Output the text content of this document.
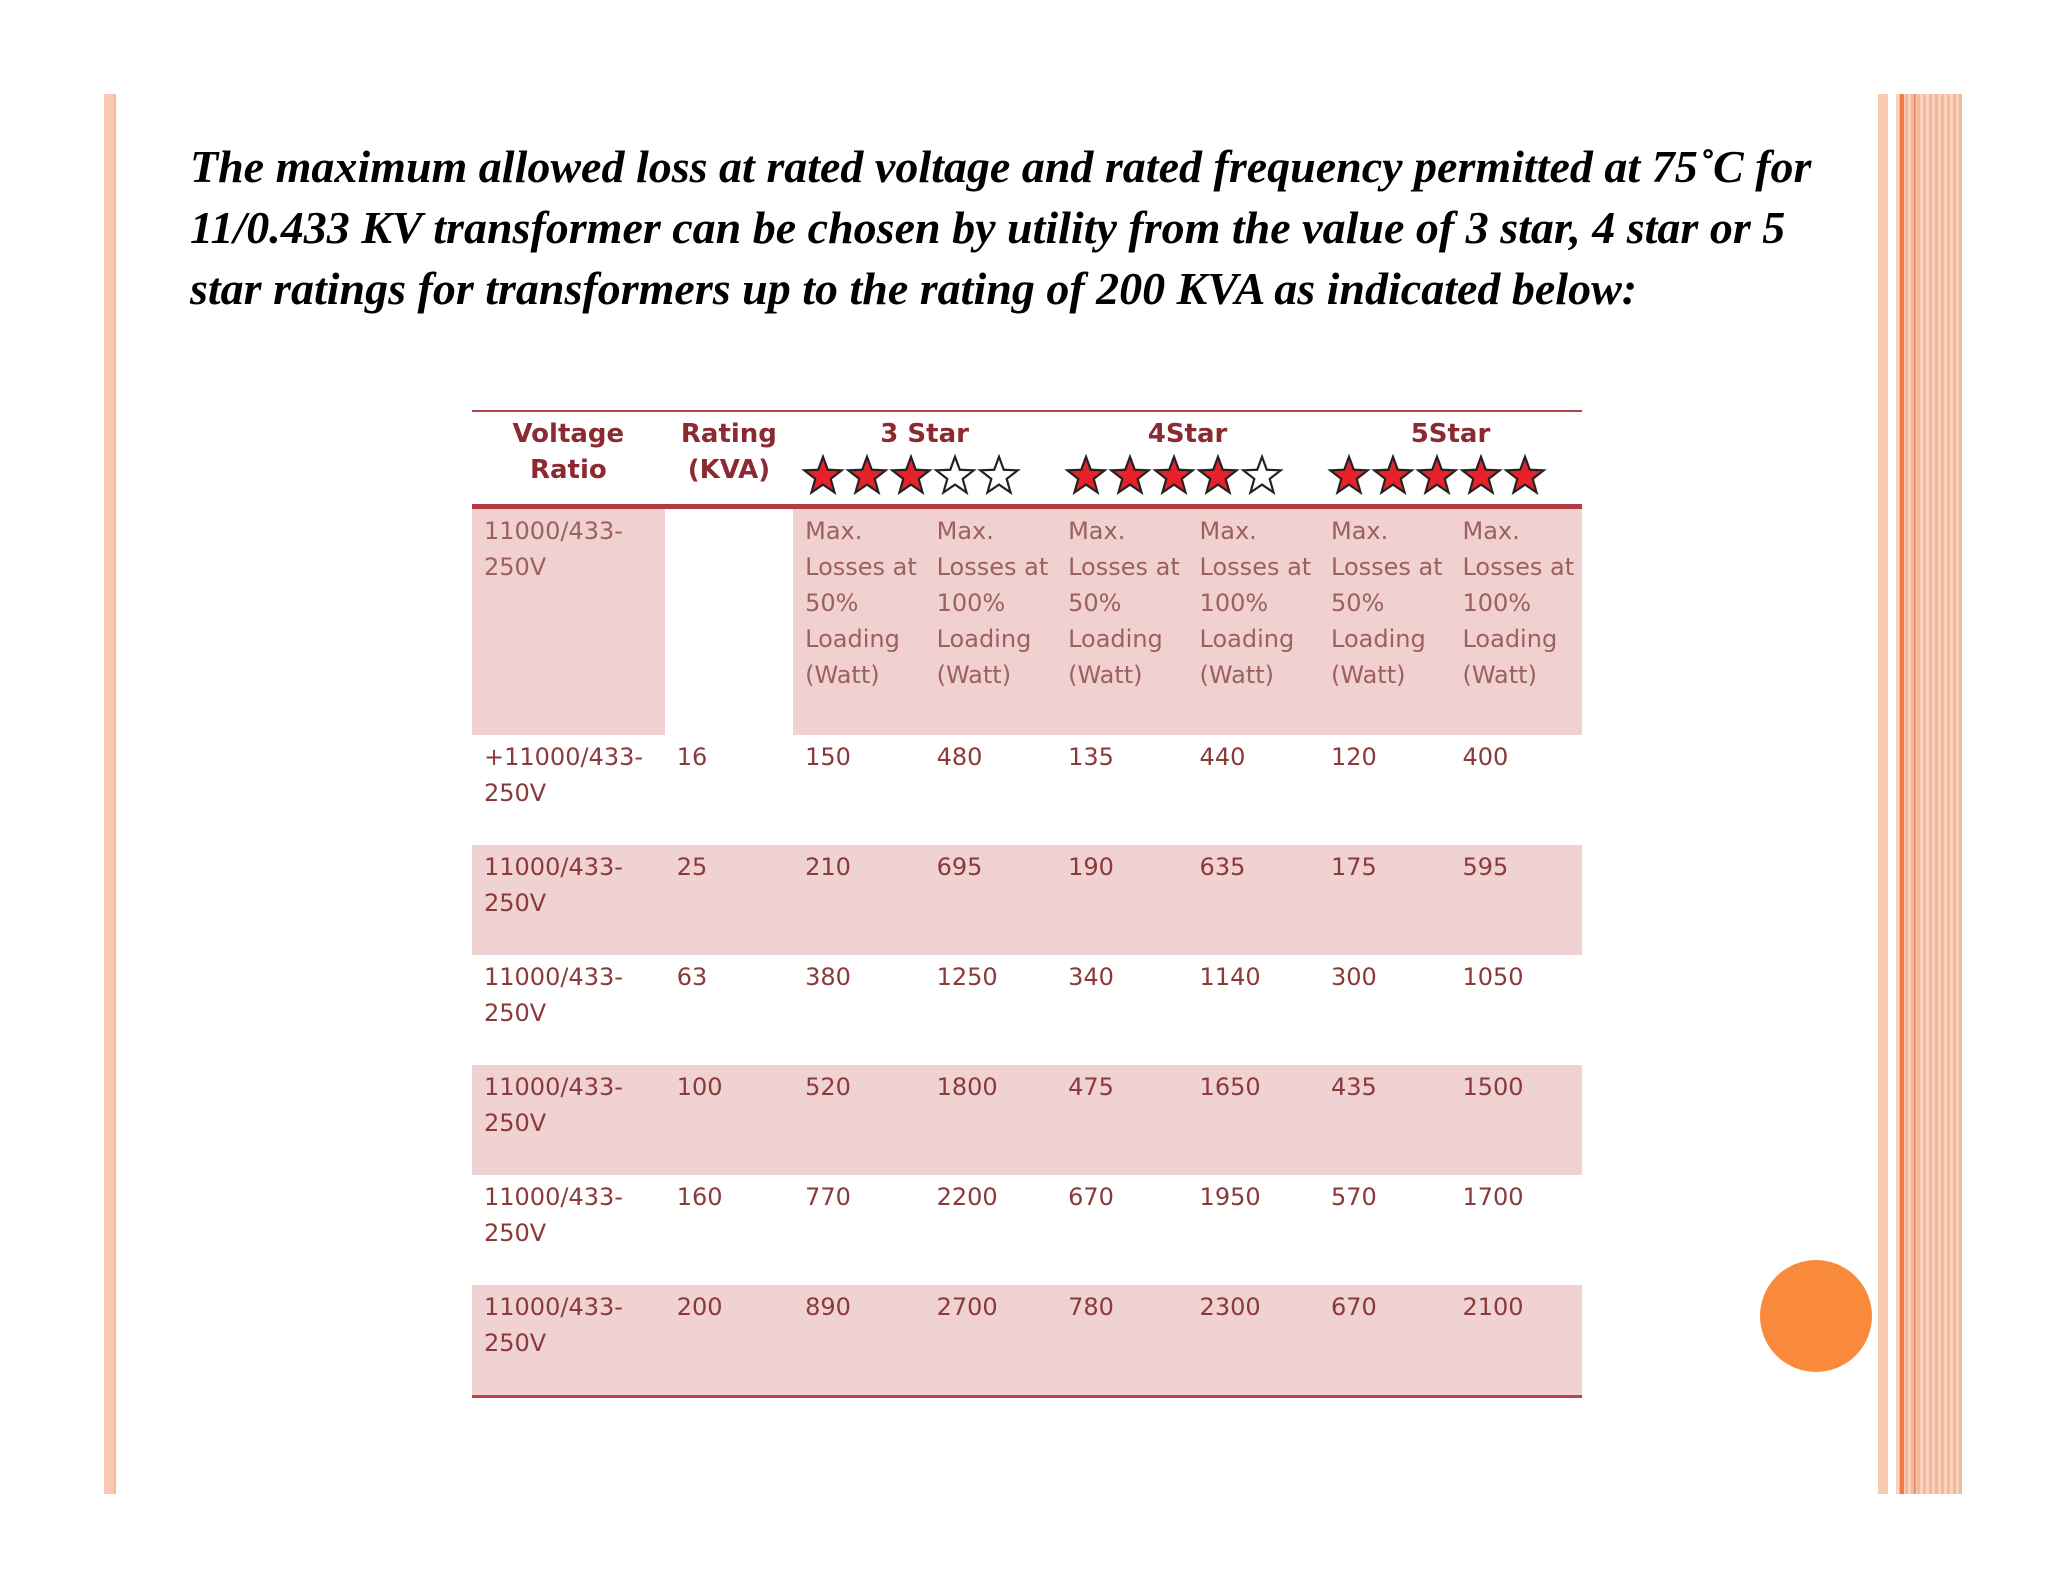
The maximum allowed loss at rated voltage and rated frequency permitted at 75˚C for 11/0.433 KV transformer can be chosen by utility from the value of 3 star, 4 star or 5 star ratings for transformers up to the rating of 200 KVA as indicated below:

Voltage Ratio	Rating (KVA)	3 Star		4Star		5Star	

11000/433-250V		Max. Losses at 50% Loading (Watt)	Max. Losses at 100% Loading (Watt)	Max. Losses at 50% Loading (Watt)	Max. Losses at 100% Loading (Watt)	Max. Losses at 50% Loading (Watt)	Max. Losses at 100% Loading (Watt)
+11000/433-250V	16	150	480	135	440	120	400
11000/433-250V	25	210	695	190	635	175	595
11000/433-250V	63	380	1250	340	1140	300	1050
11000/433-250V	100	520	1800	475	1650	435	1500
11000/433-250V	160	770	2200	670	1950	570	1700
11000/433-250V	200	890	2700	780	2300	670	2100
